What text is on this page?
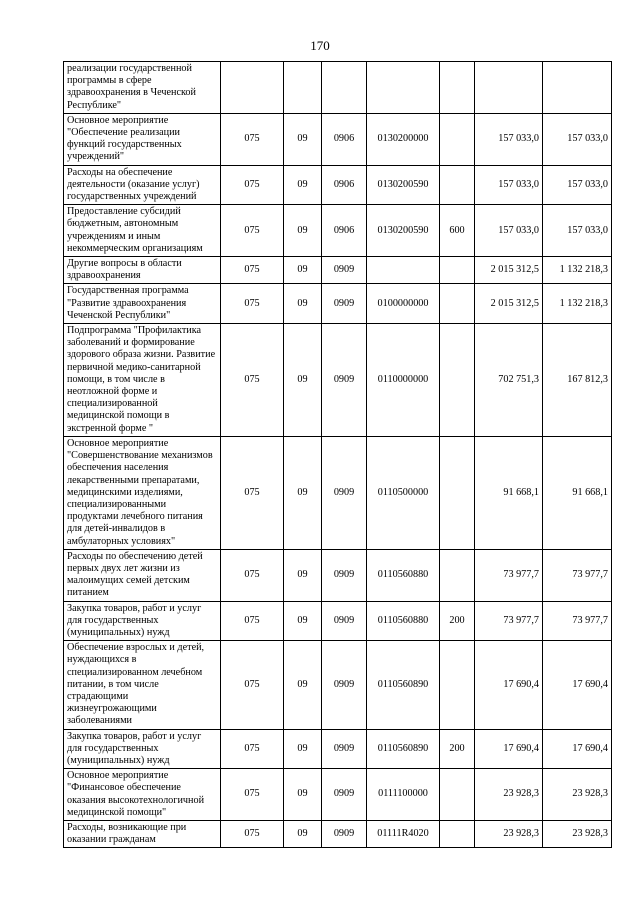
170
реализации государственной программы в сфере здравоохранения в Чеченской Республике"							
Основное мероприятие "Обеспечение реализации функций государственных учреждений"	075	09	0906	0130200000		157 033,0	157 033,0
Расходы на обеспечение деятельности (оказание услуг) государственных учреждений	075	09	0906	0130200590		157 033,0	157 033,0
Предоставление субсидий бюджетным, автономным учреждениям и иным некоммерческим организациям	075	09	0906	0130200590	600	157 033,0	157 033,0
Другие вопросы в области здравоохранения	075	09	0909			2 015 312,5	1 132 218,3
Государственная программа "Развитие здравоохранения Чеченской Республики"	075	09	0909	0100000000		2 015 312,5	1 132 218,3
Подпрограмма "Профилактика заболеваний и формирование здорового образа жизни. Развитие первичной медико-санитарной помощи, в том числе в неотложной форме и специализированной медицинской помощи в экстренной форме "	075	09	0909	0110000000		702 751,3	167 812,3
Основное мероприятие "Совершенствование механизмов обеспечения населения лекарственными препаратами, медицинскими изделиями, специализированными продуктами лечебного питания для детей-инвалидов в амбулаторных условиях"	075	09	0909	0110500000		91 668,1	91 668,1
Расходы по обеспечению детей первых двух лет жизни из малоимущих семей детским питанием	075	09	0909	0110560880		73 977,7	73 977,7
Закупка товаров, работ и услуг для государственных (муниципальных) нужд	075	09	0909	0110560880	200	73 977,7	73 977,7
Обеспечение взрослых и детей, нуждающихся в специализированном лечебном питании, в том числе страдающими жизнеугрожающими заболеваниями	075	09	0909	0110560890		17 690,4	17 690,4
Закупка товаров, работ и услуг для государственных (муниципальных) нужд	075	09	0909	0110560890	200	17 690,4	17 690,4
Основное мероприятие "Финансовое обеспечение оказания высокотехнологичной медицинской помощи"	075	09	0909	0111100000		23 928,3	23 928,3
Расходы, возникающие при оказании гражданам	075	09	0909	01111R4020		23 928,3	23 928,3
